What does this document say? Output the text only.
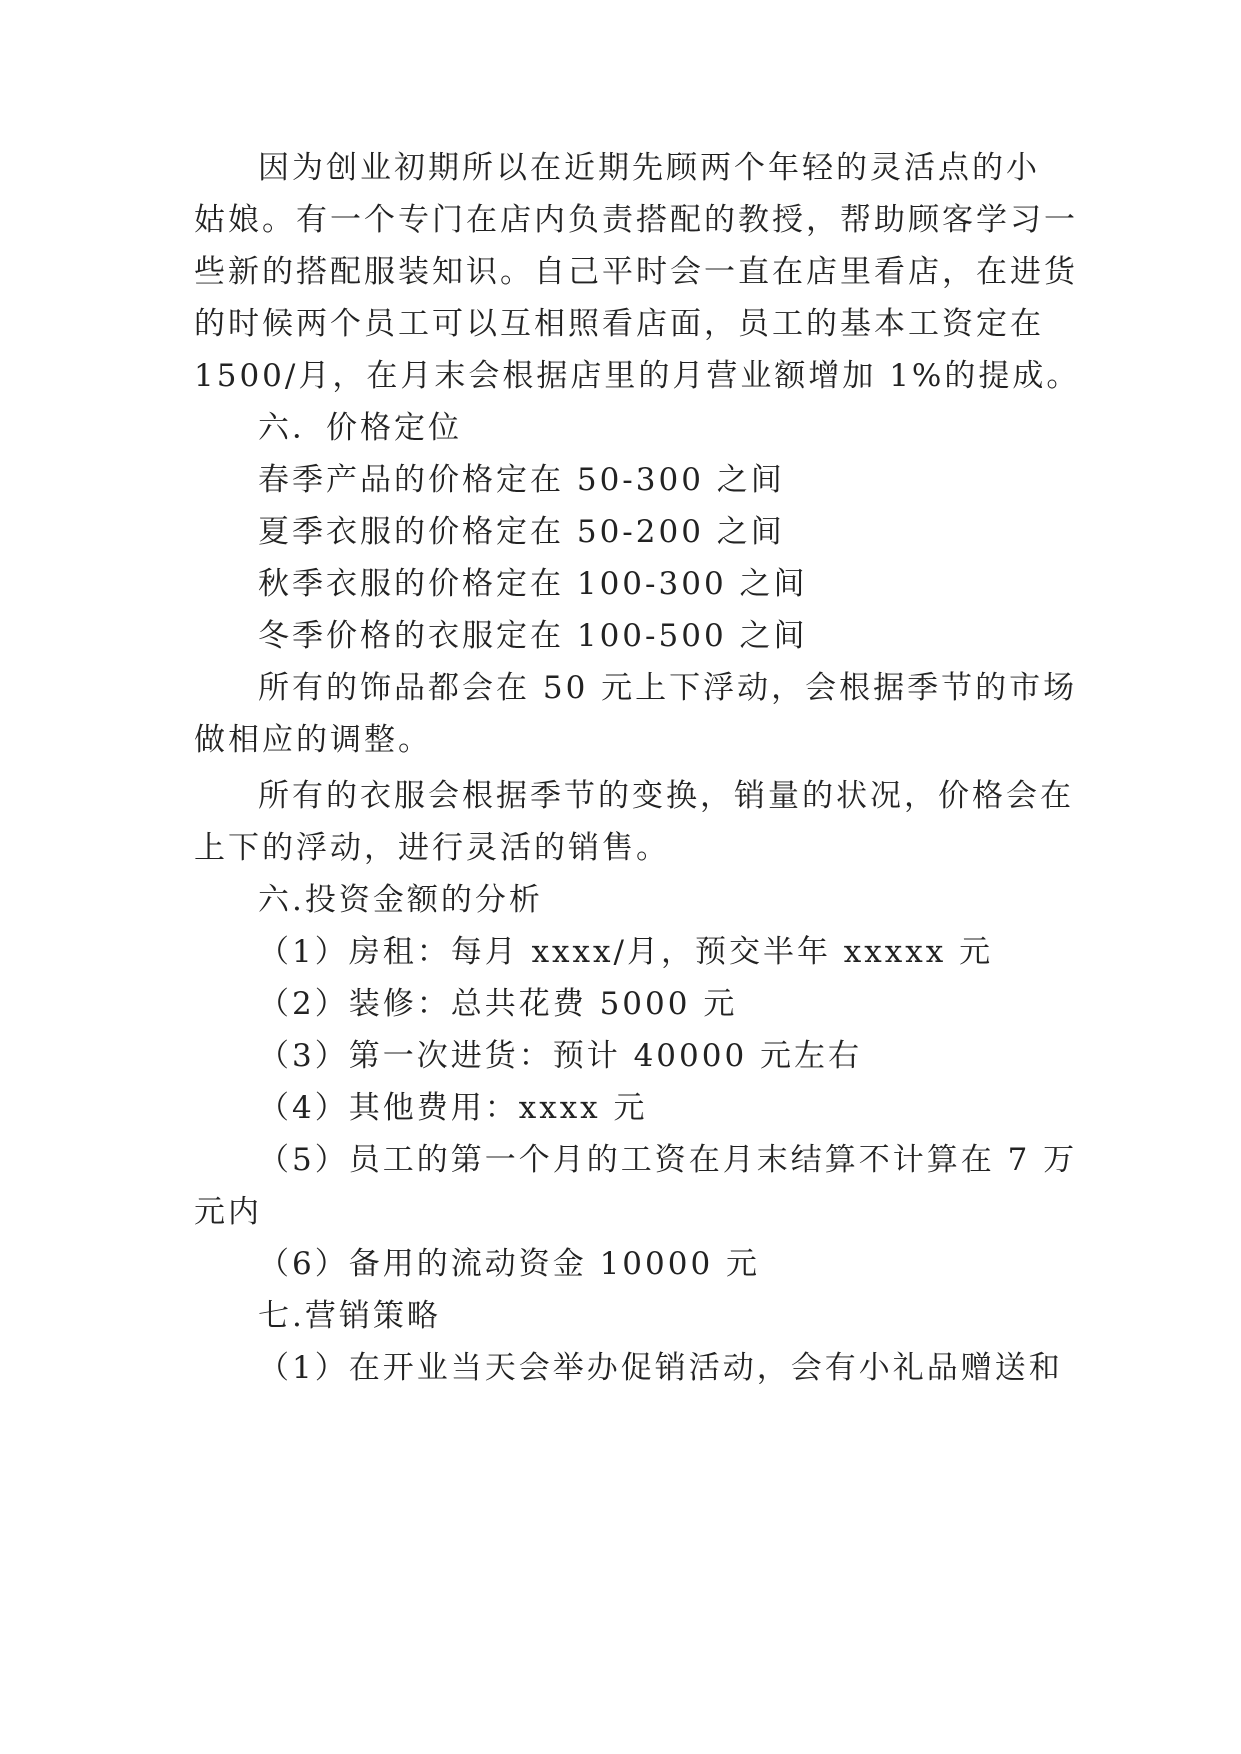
因为创业初期所以在近期先顾两个年轻的灵活点的小

姑娘。有一个专门在店内负责搭配的教授，帮助顾客学习一

些新的搭配服装知识。自己平时会一直在店里看店，在进货

的时候两个员工可以互相照看店面，员工的基本工资定在

1500/月，在月末会根据店里的月营业额增加 1%的提成。

六．价格定位

春季产品的价格定在 50-300 之间

夏季衣服的价格定在 50-200 之间

秋季衣服的价格定在 100-300 之间

冬季价格的衣服定在 100-500 之间

所有的饰品都会在 50 元上下浮动，会根据季节的市场

做相应的调整。

所有的衣服会根据季节的变换，销量的状况，价格会在

上下的浮动，进行灵活的销售。

六.投资金额的分析

（1）房租：每月 xxxx/月，预交半年 xxxxx 元

（2）装修：总共花费 5000 元

（3）第一次进货：预计 40000 元左右

（4）其他费用：xxxx 元

（5）员工的第一个月的工资在月末结算不计算在 7 万

元内

（6）备用的流动资金 10000 元

七.营销策略

（1）在开业当天会举办促销活动，会有小礼品赠送和
